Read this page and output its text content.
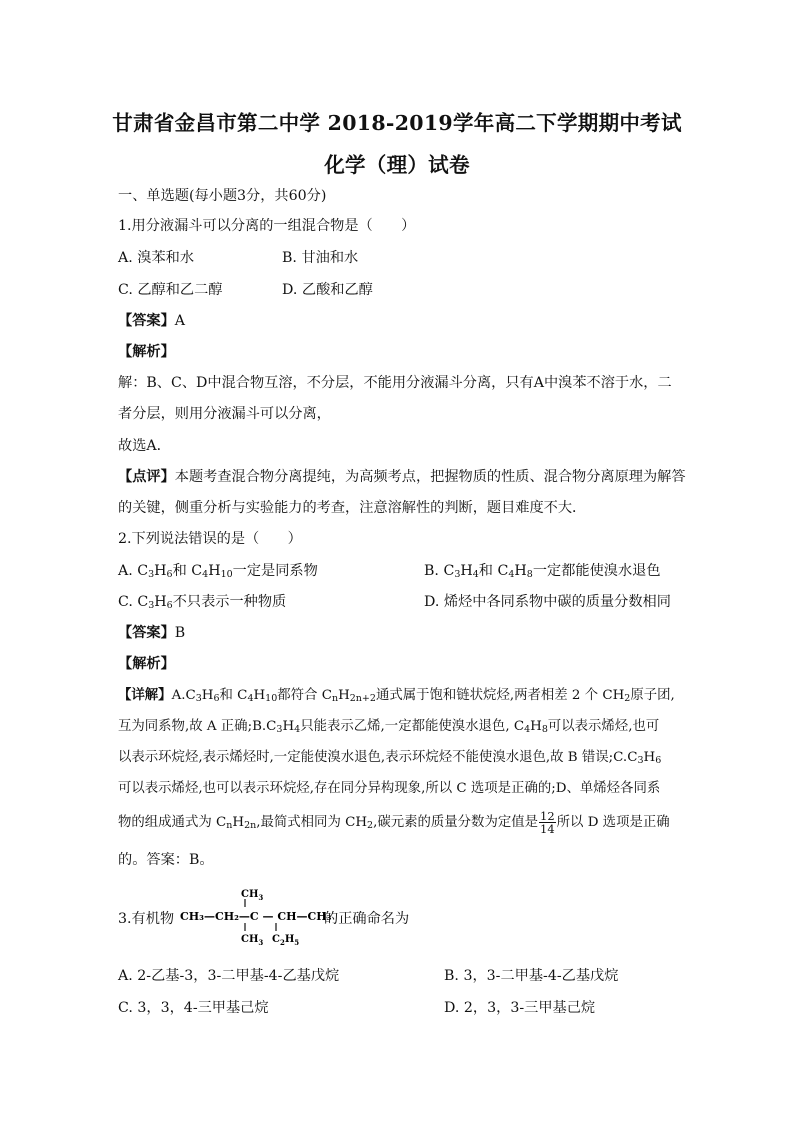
甘肃省金昌市第二中学 2018-2019学年高二下学期期中考试
化学（理）试卷
一、单选题(每小题3分，共60分)
1.用分液漏斗可以分离的一组混合物是（　　）
A. 溴苯和水	B. 甘油和水
C. 乙醇和乙二醇	D. 乙酸和乙醇
【答案】A
【解析】
解：B、C、D中混合物互溶，不分层，不能用分液漏斗分离，只有A中溴苯不溶于水，二
者分层，则用分液漏斗可以分离，
故选A．
【点评】本题考查混合物分离提纯，为高频考点，把握物质的性质、混合物分离原理为解答
的关键，侧重分析与实验能力的考查，注意溶解性的判断，题目难度不大．
2.下列说法错误的是（　　）
A. $C_3H_6$和 $C_4H_{10}$一定是同系物	B. $C_3H_4$和 $C_4H_8$一定都能使溴水退色
C. $C_3H_6$不只表示一种物质	D. 烯烃中各同系物中碳的质量分数相同
【答案】B
【解析】
【详解】$A.C_3H_6$和 $C_4H_{10}$都符合 $C_nH_{2n+2}$通式属于饱和链状烷烃,两者相差 2 个 $CH_2$原子团,
互为同系物,故 A 正确$;B.C_3H_4$只能表示乙烯,一定都能使溴水退色, $C_4H_8$可以表示烯烃,也可
以表示环烷烃,表示烯烃时,一定能使溴水退色,表示环烷烃不能使溴水退色,故 B 错误$;C.C_3H_6$
可以表示烯烃,也可以表示环烷烃,存在同分异构现象,所以 C 选项是正确的;D、单烯烃各同系
物的组成通式为 $C_nH_{2n}$,最简式相同为 $CH_2$,碳元素的质量分数为定值是 $\frac{12}{14}$ 所以 D 选项是正确
的。答案：B。
3.有机物
$CH_3$
CH₃—CH₂—C — CH—CH₃
$CH_3$ $C_2H_5$
的正确命名为
A. 2-乙基-3，3-二甲基-4-乙基戊烷	B. 3，3-二甲基-4-乙基戊烷
C. 3，3，4-三甲基己烷	D. 2，3，3-三甲基己烷
